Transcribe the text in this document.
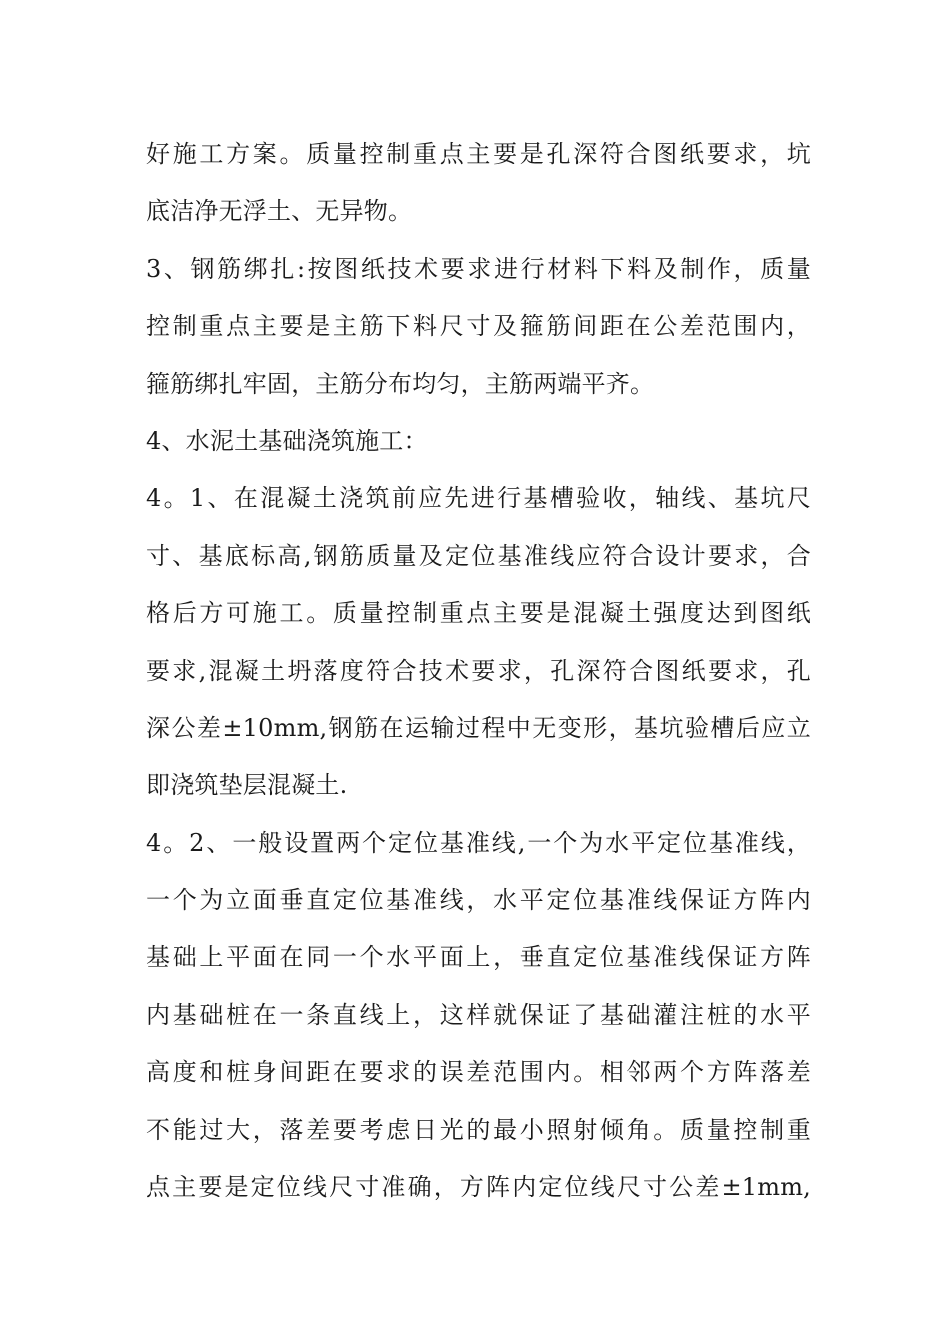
好施工方案。质量控制重点主要是孔深符合图纸要求，坑
底洁净无浮土、无异物。
3、钢筋绑扎:按图纸技术要求进行材料下料及制作，质量
控制重点主要是主筋下料尺寸及箍筋间距在公差范围内，
箍筋绑扎牢固，主筋分布均匀，主筋两端平齐。
4、水泥土基础浇筑施工：
4。1、在混凝土浇筑前应先进行基槽验收，轴线、基坑尺
寸、基底标高,钢筋质量及定位基准线应符合设计要求，合
格后方可施工。质量控制重点主要是混凝土强度达到图纸
要求,混凝土坍落度符合技术要求，孔深符合图纸要求，孔
深公差±10mm,钢筋在运输过程中无变形，基坑验槽后应立
即浇筑垫层混凝土.
4。2、一般设置两个定位基准线,一个为水平定位基准线，
一个为立面垂直定位基准线，水平定位基准线保证方阵内
基础上平面在同一个水平面上，垂直定位基准线保证方阵
内基础桩在一条直线上，这样就保证了基础灌注桩的水平
高度和桩身间距在要求的误差范围内。相邻两个方阵落差
不能过大，落差要考虑日光的最小照射倾角。质量控制重
点主要是定位线尺寸准确，方阵内定位线尺寸公差±1mm,
